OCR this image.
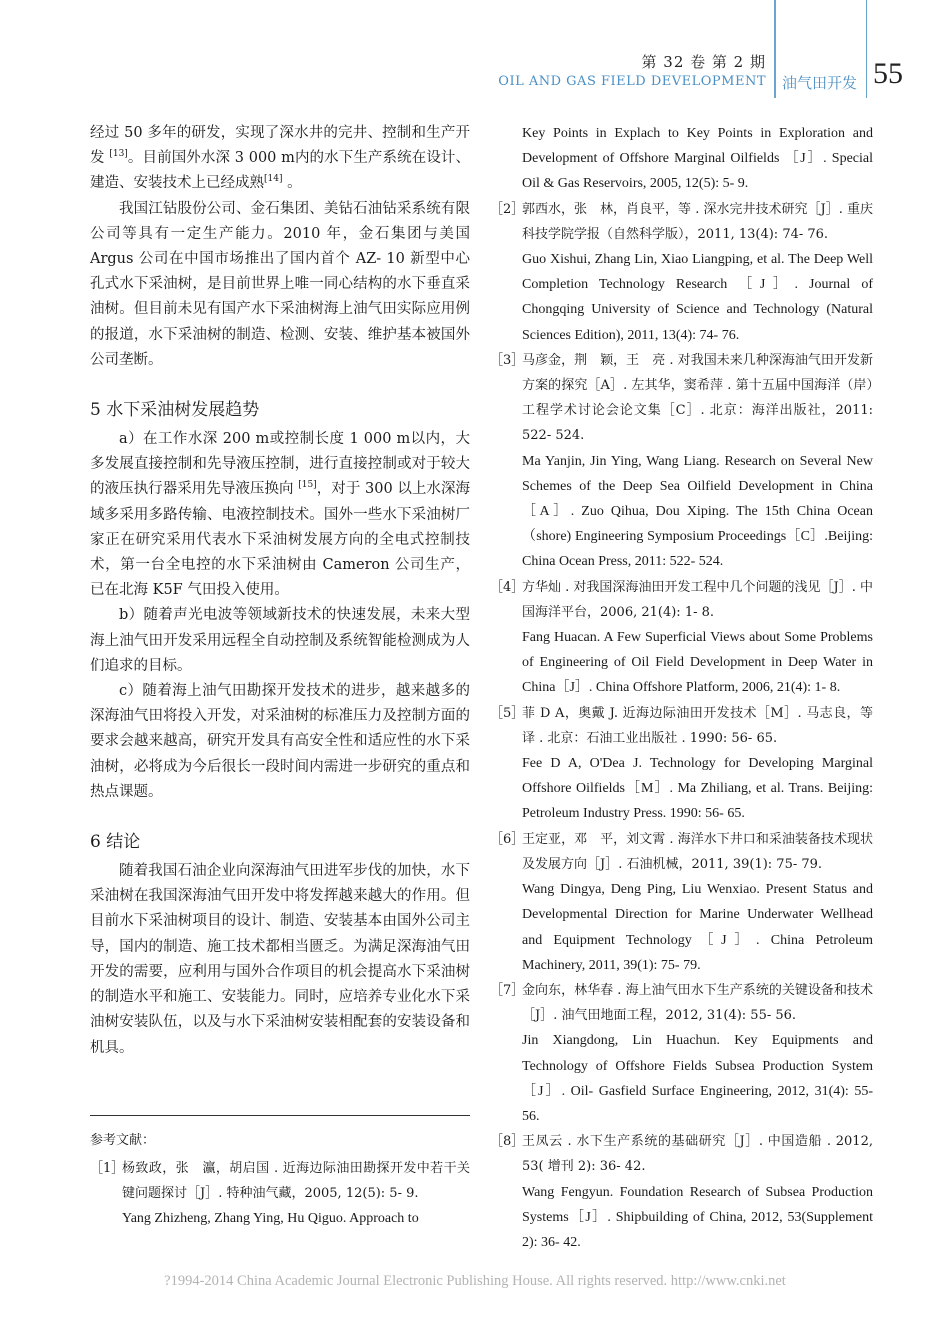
第 32 卷 第 2 期
OIL AND GAS FIELD DEVELOPMENT 油气田开发 55

经过 50 多年的研发，实现了深水井的完井、控制和生产开发 [13]。目前国外水深 3 000 m内的水下生产系统在设计、建造、安装技术上已经成熟[14] 。

我国江钻股份公司、金石集团、美钻石油钻采系统有限公司等具有一定生产能力。2010 年，金石集团与美国 Argus 公司在中国市场推出了国内首个 AZ- 10 新型中心孔式水下采油树，是目前世界上唯一同心结构的水下垂直采油树。但目前未见有国产水下采油树海上油气田实际应用例的报道，水下采油树的制造、检测、安装、维护基本被国外公司垄断。

5 水下采油树发展趋势

a）在工作水深 200 m或控制长度 1 000 m以内，大多发展直接控制和先导液压控制，进行直接控制或对于较大的液压执行器采用先导液压换向 [15]，对于 300 以上水深海域多采用多路传输、电液控制技术。国外一些水下采油树厂家正在研究采用代表水下采油树发展方向的全电式控制技术，第一台全电控的水下采油树由 Cameron 公司生产，已在北海 K5F 气田投入使用。

b）随着声光电波等领域新技术的快速发展，未来大型海上油气田开发采用远程全自动控制及系统智能检测成为人们追求的目标。

c）随着海上油气田勘探开发技术的进步，越来越多的深海油气田将投入开发，对采油树的标准压力及控制方面的要求会越来越高，研究开发具有高安全性和适应性的水下采油树，必将成为今后很长一段时间内需进一步研究的重点和热点课题。

6 结论

随着我国石油企业向深海油气田进军步伐的加快，水下采油树在我国深海油气田开发中将发挥越来越大的作用。但目前水下采油树项目的设计、制造、安装基本由国外公司主导，国内的制造、施工技术都相当匮乏。为满足深海油气田开发的需要，应利用与国外合作项目的机会提高水下采油树的制造水平和施工、安装能力。同时，应培养专业化水下采油树安装队伍，以及与水下采油树安装相配套的安装设备和机具。

参考文献：
［1］
杨致政，张　瀛，胡启国 . 近海边际油田勘探开发中若干关键问题探讨［J］. 特种油气藏，2005, 12(5): 5- 9.
Yang Zhizheng, Zhang Ying, Hu Qiguo. Approach to
Key Points in Explach to Key Points in Exploration and Development of Offshore Marginal Oilfields ［J］. Special Oil & Gas Reservoirs, 2005, 12(5): 5- 9.
［2］
郭西水，张　林，肖良平，等 . 深水完井技术研究［J］. 重庆科技学院学报（自然科学版），2011, 13(4): 74- 76.
Guo Xishui, Zhang Lin, Xiao Liangping, et al. The Deep Well Completion Technology Research ［J］. Journal of Chongqing University of Science and Technology (Natural Sciences Edition), 2011, 13(4): 74- 76.
［3］
马彦金，荆　颖，王　亮 . 对我国未来几种深海油气田开发新方案的探究［A］. 左其华，窦希萍 . 第十五届中国海洋（岸）工程学术讨论会论文集［C］. 北京：海洋出版社，2011: 522- 524.
Ma Yanjin, Jin Ying, Wang Liang. Research on Several New Schemes of the Deep Sea Oilfield Development in China［A］. Zuo Qihua, Dou Xiping. The 15th China Ocean（shore) Engineering Symposium Proceedings［C］.Beijing: China Ocean Press, 2011: 522- 524.
［4］
方华灿 . 对我国深海油田开发工程中几个问题的浅见［J］. 中国海洋平台，2006, 21(4): 1- 8.
Fang Huacan. A Few Superficial Views about Some Problems of Engineering of Oil Field Development in Deep Water in China［J］. China Offshore Platform, 2006, 21(4): 1- 8.
［5］
菲 D A，奥戴 J. 近海边际油田开发技术［M］. 马志良，等译 . 北京：石油工业出版社 . 1990: 56- 65.
Fee D A, O'Dea J. Technology for Developing Marginal Offshore Oilfields［M］. Ma Zhiliang, et al. Trans. Beijing: Petroleum Industry Press. 1990: 56- 65.
［6］
王定亚，邓　平，刘文霄 . 海洋水下井口和采油装备技术现状及发展方向［J］. 石油机械，2011, 39(1): 75- 79.
Wang Dingya, Deng Ping, Liu Wenxiao. Present Status and Developmental Direction for Marine Underwater Wellhead and Equipment Technology［J］. China Petroleum Machinery, 2011, 39(1): 75- 79.
［7］
金向东，林华春 . 海上油气田水下生产系统的关键设备和技术［J］. 油气田地面工程，2012, 31(4): 55- 56.
Jin Xiangdong, Lin Huachun. Key Equipments and Technology of Offshore Fields Subsea Production System［J］. Oil- Gasfield Surface Engineering, 2012, 31(4): 55- 56.
［8］
王凤云 . 水下生产系统的基础研究［J］. 中国造船 . 2012, 53( 增刊 2): 36- 42.
Wang Fengyun. Foundation Research of Subsea Production Systems［J］. Shipbuilding of China, 2012, 53(Supplement 2): 36- 42.
?1994-2014 China Academic Journal Electronic Publishing House. All rights reserved. http://www.cnki.net
